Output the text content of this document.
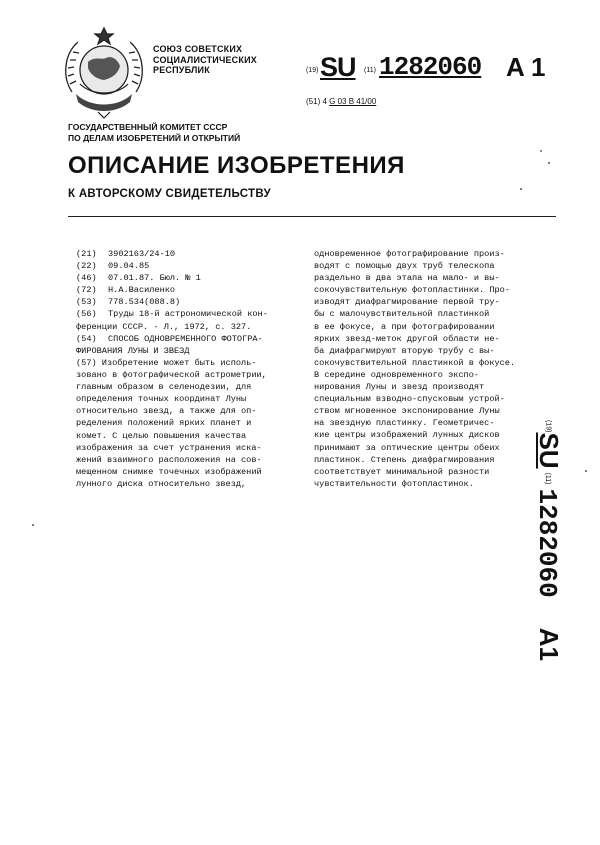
СОЮЗ СОВЕТСКИХ
СОЦИАЛИСТИЧЕСКИХ
РЕСПУБЛИК	(19) SU (11) 1282060 A 1
(51) 4 G 03 B 41/00
ГОСУДАРСТВЕННЫЙ КОМИТЕТ СССР
ПО ДЕЛАМ ИЗОБРЕТЕНИЙ И ОТКРЫТИЙ
ОПИСАНИЕ ИЗОБРЕТЕНИЯ
К АВТОРСКОМУ СВИДЕТЕЛЬСТВУ
(21)	3902163/24-10
(22)	09.04.85
(46)	07.01.87. Бюл. № 1
(72)	Н.А.Василенко
(53)	778.534(088.8)
(56)	Труды 18-й астрономической кон-
ференции СССР. - Л., 1972, с. 327.
(54)	СПОСОБ ОДНОВРЕМЕННОГО ФОТОГРА-
ФИРОВАНИЯ ЛУНЫ И ЗВЕЗД
(57) Изобретение может быть исполь-
зовано в фотографической астрометрии,
главным образом в селенодезии, для
определения точных координат Луны
относительно звезд, а также для оп-
ределения положений ярких планет и
комет. С целью повышения качества
изображения за счет устранения иска-
жений взаимного расположения на сов-
мещенном снимке точечных изображений
лунного диска относительно звезд,
одновременное фотографирование произ-
водят с помощью двух труб телескопа
раздельно в два этапа на мало- и вы-
сокочувствительную фотопластинки. Про-
изводят диафрагмирование первой тру-
бы с малочувствительной пластинкой
в ее фокусе, а при фотографировании
ярких звезд-меток другой области не-
ба диафрагмируют вторую трубу с вы-
сокочувствительной пластинкой в фокусе.
В середине одновременного экспо-
нирования Луны и звезд производят
специальным взводно-спусковым устрой-
ством мгновенное экспонирование Луны
на звездную пластинку. Геометричес-
кие центры изображений лунных дисков
принимают за оптические центры обеих
пластинок. Степень диафрагмирования
соответствует минимальной разности
чувствительности фотопластинок.
$^{(19)}$SU$^{(11)}$1282060A1
